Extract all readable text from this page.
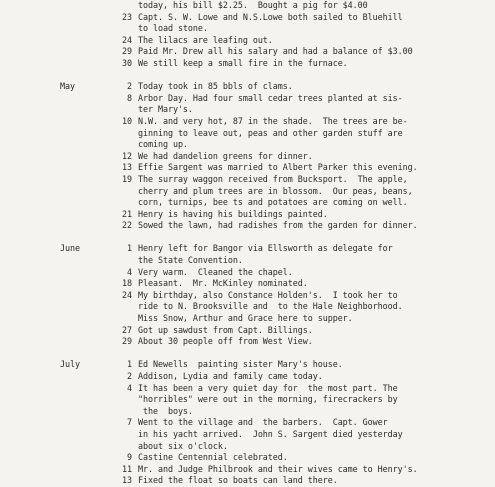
today, his bill $2.25.  Bought a pig for $4.00
23 Capt. S. W. Lowe and N.S.Lowe both sailed to Bluehill
to load stone.
24 The lilacs are leafing out.
29 Paid Mr. Drew all his salary and had a balance of $3.00
30 We still keep a small fire in the furnace.
May	2 Today took in 85 bbls of clams.
8 Arbor Day. Had four small cedar trees planted at sis-
ter Mary's.
10 N.W. and very hot, 87 in the shade.  The trees are be-
ginning to leave out, peas and other garden stuff are
coming up.
12 We had dandelion greens for dinner.
13 Effie Sargent was married to Albert Parker this evening.
19 The surray waggon received from Bucksport.  The apple,
cherry and plum trees are in blossom.  Our peas, beans,
corn, turnips, bee ts and potatoes are coming on well.
21 Henry is having his buildings painted.
22 Sowed the lawn, had radishes from the garden for dinner.
June	1 Henry left for Bangor via Ellsworth as delegate for
the State Convention.
4 Very warm.  Cleaned the chapel.
18 Pleasant.  Mr. McKinley nominated.
24 My birthday, also Constance Holden's.  I took her to
ride to N. Brooksville and  to the Hale Neighborhood.
Miss Snow, Arthur and Grace here to supper.
27 Got up sawdust from Capt. Billings.
29 About 30 people off from West View.
July	1 Ed Newells  painting sister Mary's house.
2 Addison, Lydia and family came today.
4 It has been a very quiet day for  the most part. The
"horribles" were out in the morning, firecrackers by
the  boys.
7 Went to the village and  the barbers.  Capt. Gower
in his yacht arrived.  John S. Sargent died yesterday
about six o'clock.
9 Castine Centennial celebrated.
11 Mr. and Judge Philbrook and their wives came to Henry's.
13 Fixed the float so boats can land there.
